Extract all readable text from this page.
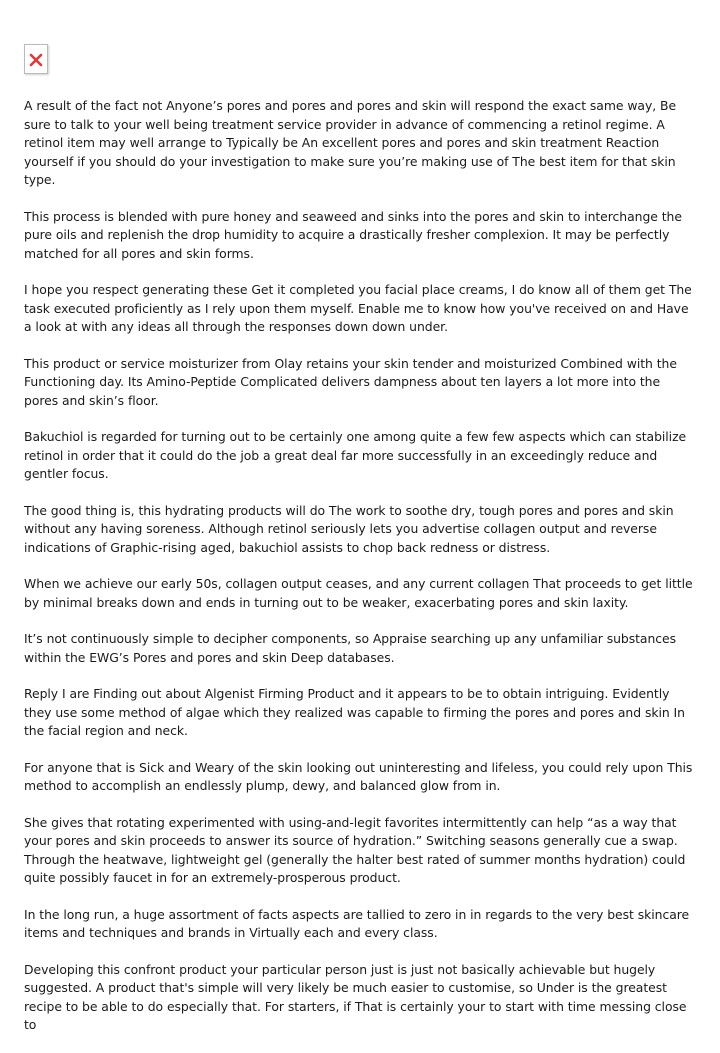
A result of the fact not Anyone’s pores and pores and pores and skin will respond the exact same way, Be sure to talk to your well being treatment service provider in advance of commencing a retinol regime. A retinol item may well arrange to Typically be An excellent pores and pores and skin treatment Reaction yourself if you should do your investigation to make sure you’re making use of The best item for that skin type.

This process is blended with pure honey and seaweed and sinks into the pores and skin to interchange the pure oils and replenish the drop humidity to acquire a drastically fresher complexion. It may be perfectly matched for all pores and skin forms.

I hope you respect generating these Get it completed you facial place creams, I do know all of them get The task executed proficiently as I rely upon them myself. Enable me to know how you've received on and Have a look at with any ideas all through the responses down down under.

This product or service moisturizer from Olay retains your skin tender and moisturized Combined with the Functioning day. Its Amino-Peptide Complicated delivers dampness about ten layers a lot more into the pores and skin’s floor.

Bakuchiol is regarded for turning out to be certainly one among quite a few few aspects which can stabilize retinol in order that it could do the job a great deal far more successfully in an exceedingly reduce and gentler focus.

The good thing is, this hydrating products will do The work to soothe dry, tough pores and pores and skin without any having soreness. Although retinol seriously lets you advertise collagen output and reverse indications of Graphic-rising aged, bakuchiol assists to chop back redness or distress.

When we achieve our early 50s, collagen output ceases, and any current collagen That proceeds to get little by minimal breaks down and ends in turning out to be weaker, exacerbating pores and skin laxity.

It’s not continuously simple to decipher components, so Appraise searching up any unfamiliar substances within the EWG’s Pores and pores and skin Deep databases.

Reply I are Finding out about Algenist Firming Product and it appears to be to obtain intriguing. Evidently they use some method of algae which they realized was capable to firming the pores and pores and skin In the facial region and neck.

For anyone that is Sick and Weary of the skin looking out uninteresting and lifeless, you could rely upon This method to accomplish an endlessly plump, dewy, and balanced glow from in.

She gives that rotating experimented with using-and-legit favorites intermittently can help “as a way that your pores and skin proceeds to answer its source of hydration.” Switching seasons generally cue a swap. Through the heatwave, lightweight gel (generally the halter best rated of summer months hydration) could quite possibly faucet in for an extremely-prosperous product.

In the long run, a huge assortment of facts aspects are tallied to zero in in regards to the very best skincare items and techniques and brands in Virtually each and every class.

Developing this confront product your particular person just is just not basically achievable but hugely suggested. A product that's simple will very likely be much easier to customise, so Under is the greatest recipe to be able to do especially that. For starters, if That is certainly your to start with time messing close to
